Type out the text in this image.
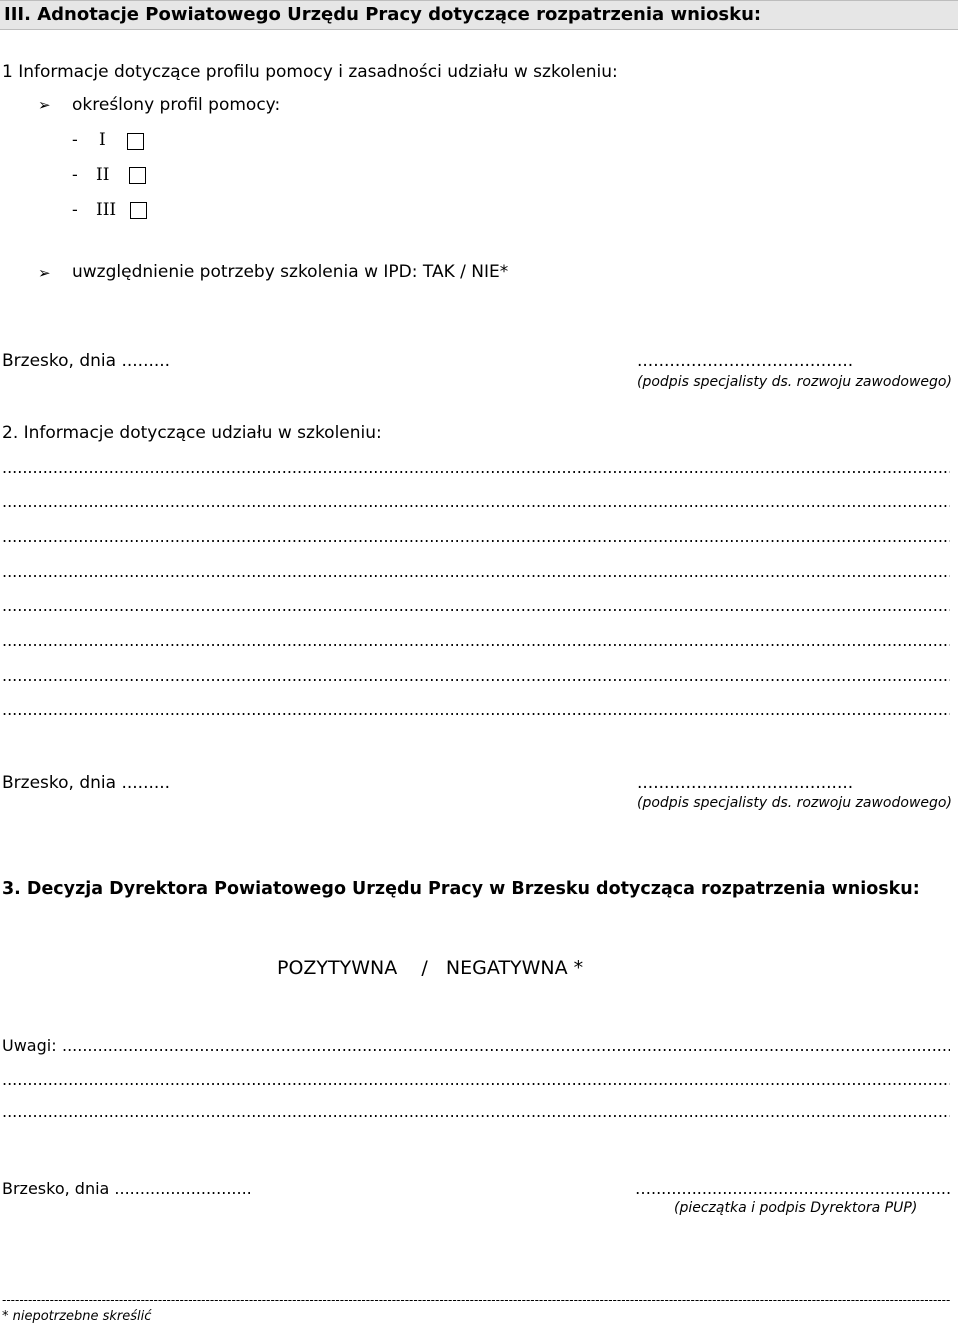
III. Adnotacje Powiatowego Urzędu Pracy dotyczące rozpatrzenia wniosku:
1 Informacje dotyczące profilu pomocy i zasadności udziału w szkoleniu:
➢ określony profil pomocy:
- I
- II
- III
➢ uwzględnienie potrzeby szkolenia w IPD: TAK / NIE*
Brzesko, dnia .........	........................................
(podpis specjalisty ds. rozwoju zawodowego)
2. Informacje dotyczące udziału w szkoleniu:
.....
.....
.....
.....
.....
.....
.....
.....
Brzesko, dnia .........	........................................
(podpis specjalisty ds. rozwoju zawodowego)
3. Decyzja Dyrektora Powiatowego Urzędu Pracy w Brzesku dotycząca rozpatrzenia wniosku:
POZYTYWNA    /   NEGATYWNA *
Uwagi:
.....
.....
.....
Brzesko, dnia ...........................	…...........................................................
(pieczątka i podpis Dyrektora PUP)
-----
* niepotrzebne skreślić
